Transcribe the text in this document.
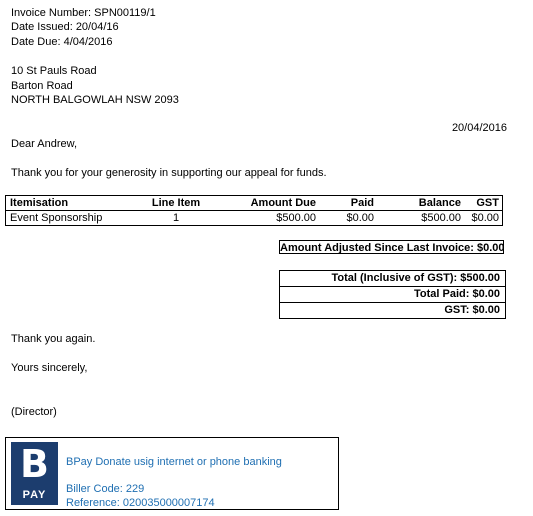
Invoice Number: SPN00119/1
Date Issued: 20/04/16
Date Due: 4/04/2016
10 St Pauls Road
Barton Road
NORTH BALGOWLAH NSW 2093
20/04/2016
Dear Andrew,
Thank you for your generosity in supporting our appeal for funds.
Itemisation	Line Item	Amount Due	Paid	Balance	GST
Event Sponsorship	1	$500.00	$0.00	$500.00 $0.00
Amount Adjusted Since Last Invoice: $0.00
Total (Inclusive of GST): $500.00
Total Paid: $0.00
GST: $0.00
Thank you again.
Yours sincerely,
(Director)
B
PAY
BPay Donate usig internet or phone banking
Biller Code: 229
Reference: 020035000007174
